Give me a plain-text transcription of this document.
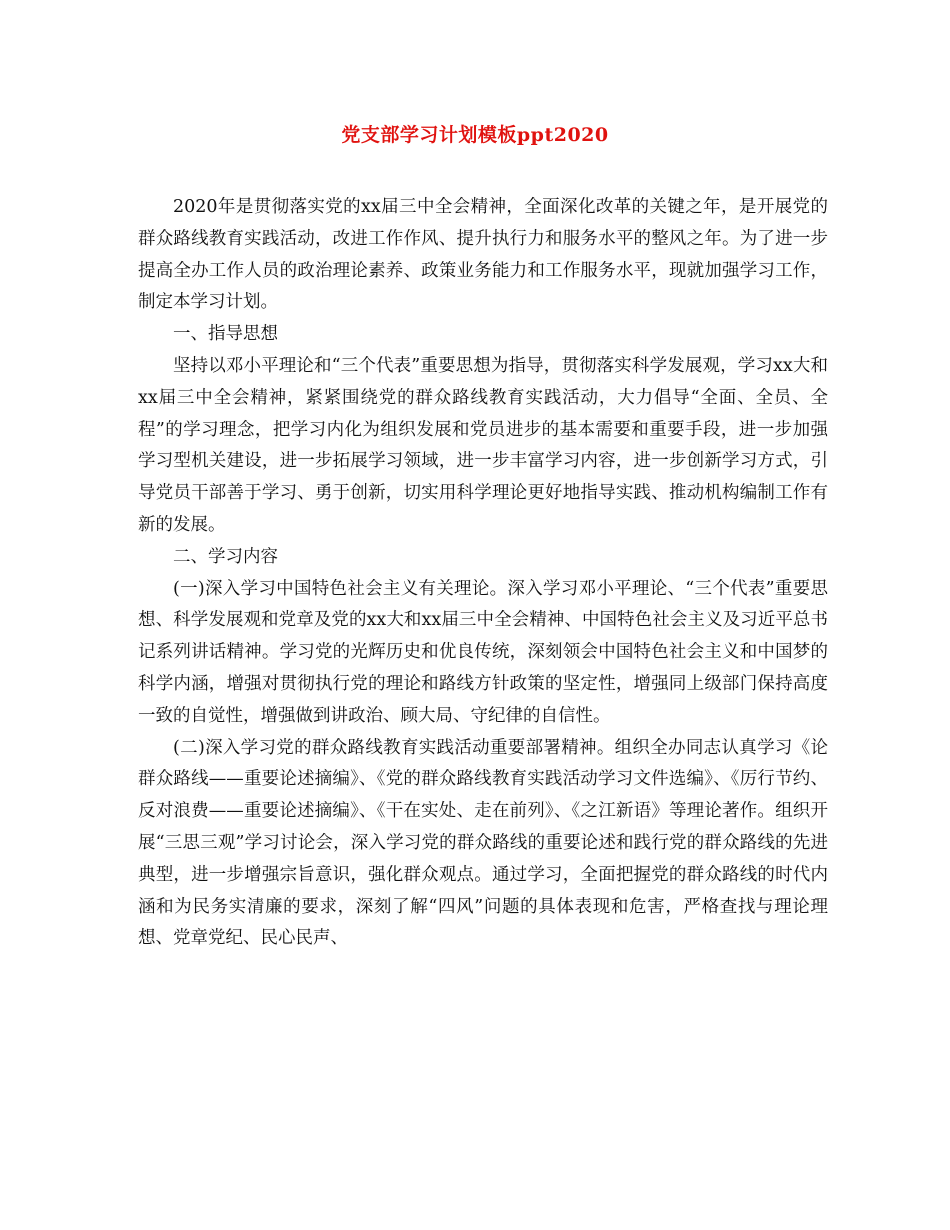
党支部学习计划模板ppt2020

2020年是贯彻落实党的xx届三中全会精神，全面深化改革的关键之年，是开展党的群众路线教育实践活动，改进工作作风、提升执行力和服务水平的整风之年。为了进一步提高全办工作人员的政治理论素养、政策业务能力和工作服务水平，现就加强学习工作，制定本学习计划。

一、指导思想

坚持以邓小平理论和“三个代表”重要思想为指导，贯彻落实科学发展观，学习xx大和xx届三中全会精神，紧紧围绕党的群众路线教育实践活动，大力倡导“全面、全员、全程”的学习理念，把学习内化为组织发展和党员进步的基本需要和重要手段，进一步加强学习型机关建设，进一步拓展学习领域，进一步丰富学习内容，进一步创新学习方式，引导党员干部善于学习、勇于创新，切实用科学理论更好地指导实践、推动机构编制工作有新的发展。

二、学习内容

(一)深入学习中国特色社会主义有关理论。深入学习邓小平理论、“三个代表”重要思想、科学发展观和党章及党的xx大和xx届三中全会精神、中国特色社会主义及习近平总书记系列讲话精神。学习党的光辉历史和优良传统，深刻领会中国特色社会主义和中国梦的科学内涵，增强对贯彻执行党的理论和路线方针政策的坚定性，增强同上级部门保持高度一致的自觉性，增强做到讲政治、顾大局、守纪律的自信性。

(二)深入学习党的群众路线教育实践活动重要部署精神。组织全办同志认真学习《论群众路线——重要论述摘编》、《党的群众路线教育实践活动学习文件选编》、《厉行节约、反对浪费——重要论述摘编》、《干在实处、走在前列》、《之江新语》等理论著作。组织开展“三思三观”学习讨论会，深入学习党的群众路线的重要论述和践行党的群众路线的先进典型，进一步增强宗旨意识，强化群众观点。通过学习，全面把握党的群众路线的时代内涵和为民务实清廉的要求，深刻了解“四风”问题的具体表现和危害，严格查找与理论理想、党章党纪、民心民声、
